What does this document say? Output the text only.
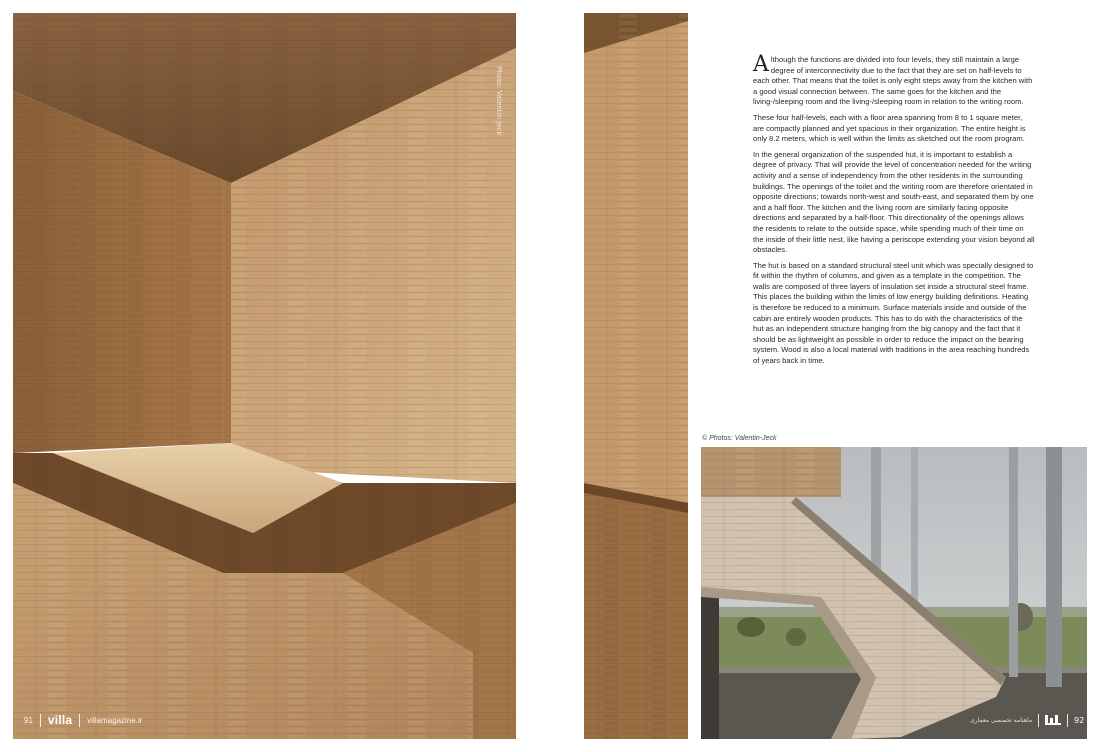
Photo: Valentin Jeck

Although the functions are divided into four levels, they still maintain a large degree of interconnectivity due to the fact that they are set on half-levels to each other. That means that the toilet is only eight steps away from the kitchen with a good visual connection between. The same goes for the kitchen and the living-/sleeping room and the living-/sleeping room in relation to the writing room.

These four half-levels, each with a floor area spanning from 8 to 1 square meter, are compactly planned and yet spacious in their organization. The entire height is only 8.2 meters, which is well within the limits as sketched out the room program.

In the general organization of the suspended hut, it is important to establish a degree of privacy. That will provide the level of concentration needed for the writing activity and a sense of independency from the other residents in the surrounding buildings. The openings of the toilet and the writing room are therefore orientated in opposite directions; towards north-west and south-east, and separated them by one and a half floor. The kitchen and the living room are similarly facing opposite directions and separated by a half-floor. This directionality of the openings allows the residents to relate to the outside space, while spending much of their time on the inside of their little nest, like having a periscope extending your vision beyond all obstacles.

The hut is based on a standard structural steel unit which was specially designed to fit within the rhythm of columns, and given as a template in the competition. The walls are composed of three layers of insulation set inside a structural steel frame. This places the building within the limits of low energy building definitions. Heating is therefore be reduced to a minimum. Surface materials inside and outside of the cabin are entirely wooden products. This has to do with the characteristics of the hut as an independent structure hanging from the big canopy and the fact that it should be as lightweight as possible in order to reduce the impact on the bearing system. Wood is also a local material with traditions in the area reaching hundreds of years back in time.

© Photos: Valentin-Jeck
91 villa villamagazine.ir	ماهنامه تخصصی معماری	92
